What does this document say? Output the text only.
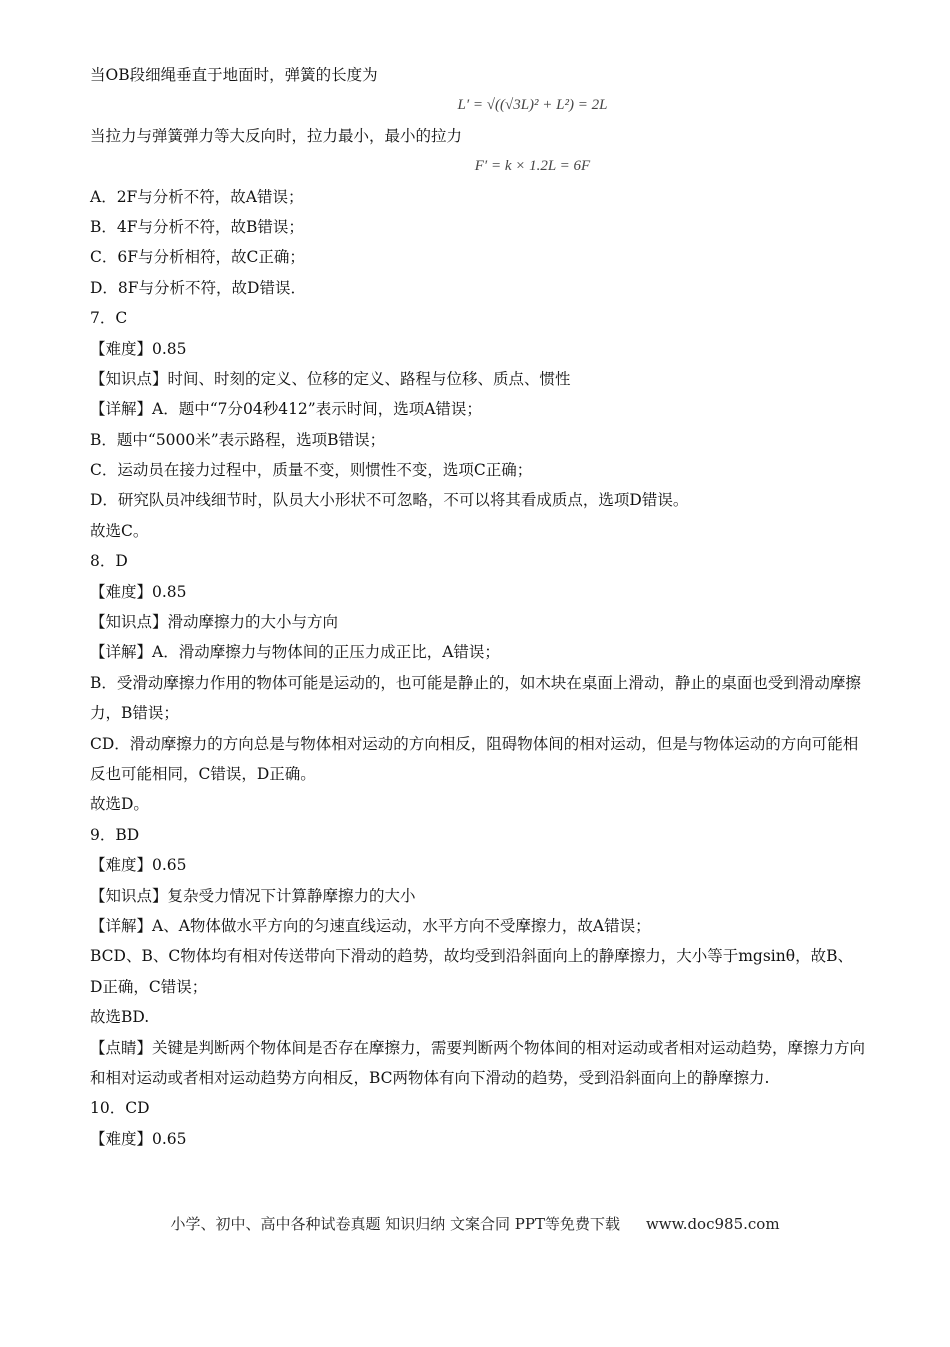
当OB段细绳垂直于地面时，弹簧的长度为
L′ = √((√3L)² + L²) = 2L
当拉力与弹簧弹力等大反向时，拉力最小，最小的拉力
F′ = k × 1.2L = 6F
A．2F与分析不符，故A错误；
B．4F与分析不符，故B错误；
C．6F与分析相符，故C正确；
D．8F与分析不符，故D错误．
7．C
【难度】0.85
【知识点】时间、时刻的定义、位移的定义、路程与位移、质点、惯性
【详解】A．题中“7分04秒412”表示时间，选项A错误；
B．题中“5000米”表示路程，选项B错误；
C．运动员在接力过程中，质量不变，则惯性不变，选项C正确；
D．研究队员冲线细节时，队员大小形状不可忽略，不可以将其看成质点，选项D错误。
故选C。
8．D
【难度】0.85
【知识点】滑动摩擦力的大小与方向
【详解】A．滑动摩擦力与物体间的正压力成正比，A错误；
B．受滑动摩擦力作用的物体可能是运动的，也可能是静止的，如木块在桌面上滑动，静止的桌面也受到滑动摩擦力，B错误；
CD．滑动摩擦力的方向总是与物体相对运动的方向相反，阻碍物体间的相对运动，但是与物体运动的方向可能相反也可能相同，C错误，D正确。
故选D。
9．BD
【难度】0.65
【知识点】复杂受力情况下计算静摩擦力的大小
【详解】A、A物体做水平方向的匀速直线运动，水平方向不受摩擦力，故A错误；
BCD、B、C物体均有相对传送带向下滑动的趋势，故均受到沿斜面向上的静摩擦力，大小等于mgsinθ，故B、D正确，C错误；
故选BD.
【点睛】关键是判断两个物体间是否存在摩擦力，需要判断两个物体间的相对运动或者相对运动趋势，摩擦力方向和相对运动或者相对运动趋势方向相反，BC两物体有向下滑动的趋势，受到沿斜面向上的静摩擦力.
10．CD
【难度】0.65
小学、初中、高中各种试卷真题 知识归纳 文案合同 PPT等免费下载 www.doc985.com
